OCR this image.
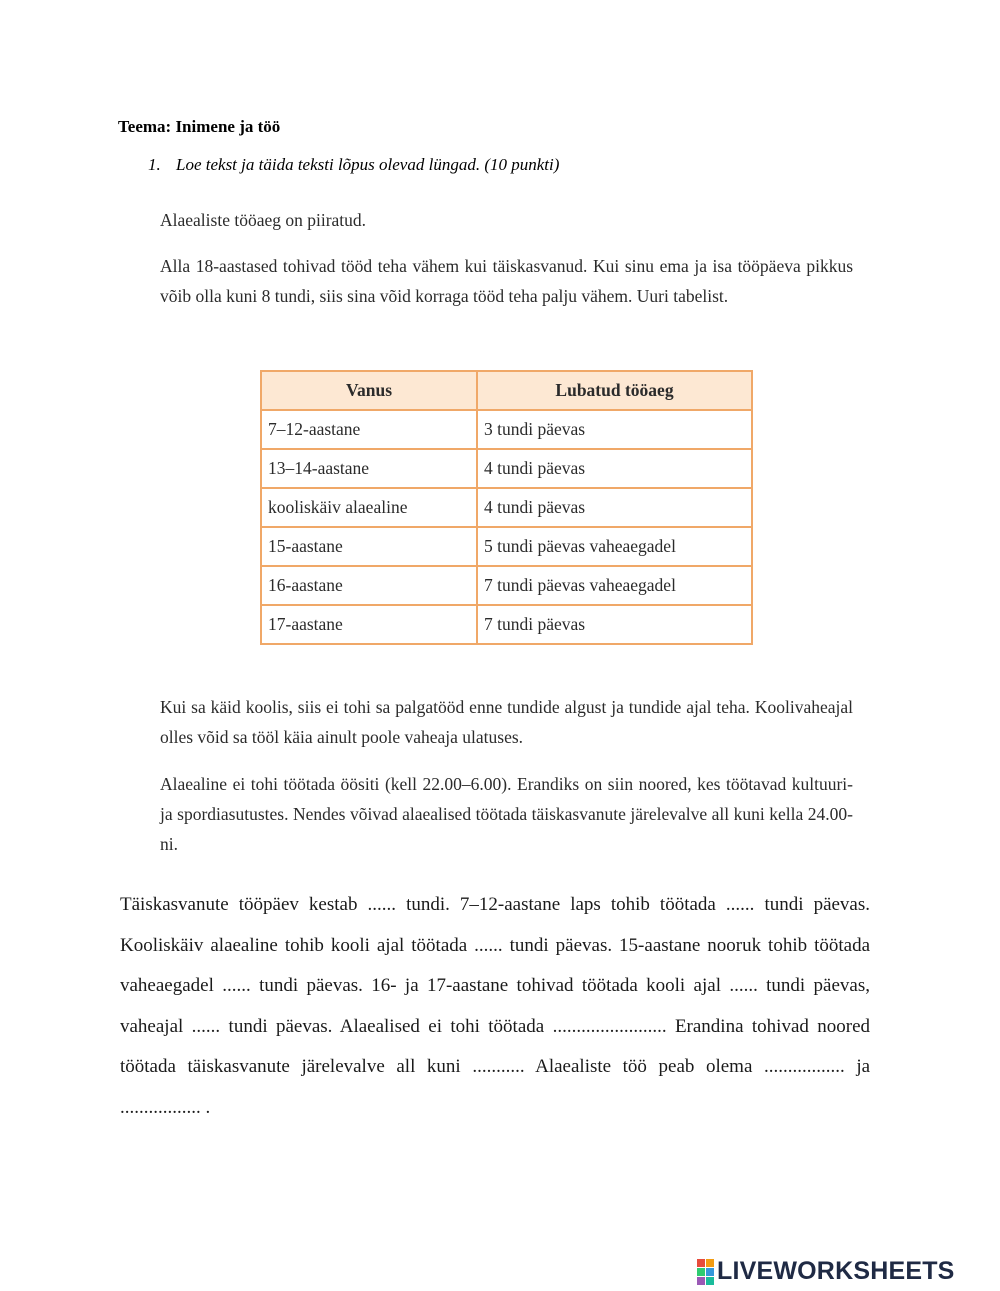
Teema: Inimene ja töö
1. Loe tekst ja täida teksti lõpus olevad lüngad. (10 punkti)
Alaealiste tööaeg on piiratud.
Alla 18-aastased tohivad tööd teha vähem kui täiskasvanud. Kui sinu ema ja isa tööpäeva pikkus võib olla kuni 8 tundi, siis sina võid korraga tööd teha palju vähem. Uuri tabelist.
Vanus	Lubatud tööaeg
7–12-aastane	3 tundi päevas
13–14-aastane	4 tundi päevas
kooliskäiv alaealine	4 tundi päevas
15-aastane	5 tundi päevas vaheaegadel
16-aastane	7 tundi päevas vaheaegadel
17-aastane	7 tundi päevas
Kui sa käid koolis, siis ei tohi sa palgatööd enne tundide algust ja tundide ajal teha. Koolivaheajal olles võid sa tööl käia ainult poole vaheaja ulatuses.
Alaealine ei tohi töötada öösiti (kell 22.00–6.00). Erandiks on siin noored, kes töötavad kultuuri- ja spordiasutustes. Nendes võivad alaealised töötada täiskasvanute järelevalve all kuni kella 24.00-ni.
Täiskasvanute tööpäev kestab ...... tundi. 7–12-aastane laps tohib töötada ...... tundi päevas. Kooliskäiv alaealine tohib kooli ajal töötada ...... tundi päevas. 15-aastane nooruk tohib töötada vaheaegadel ...... tundi päevas. 16- ja 17-aastane tohivad töötada kooli ajal ...... tundi päevas, vaheajal ...... tundi päevas. Alaealised ei tohi töötada ........................ Erandina tohivad noored töötada täiskasvanute järelevalve all kuni ........... Alaealiste töö peab olema ................. ja ................. .
LIVEWORKSHEETS
